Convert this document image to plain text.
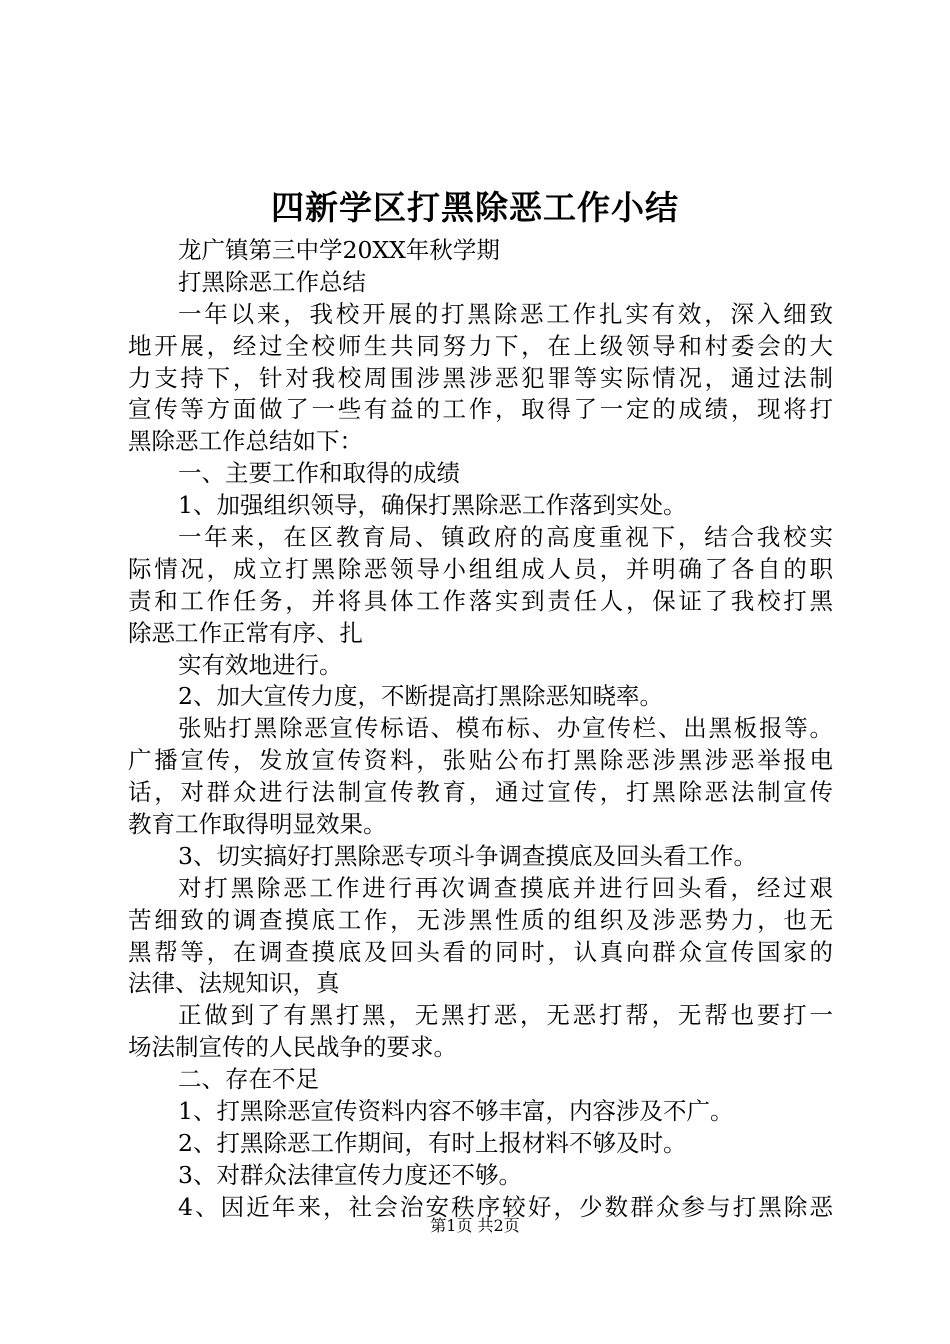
四新学区打黑除恶工作小结
龙广镇第三中学20XX年秋学期
打黑除恶工作总结
一年以来，我校开展的打黑除恶工作扎实有效，深入细致
地开展，经过全校师生共同努力下，在上级领导和村委会的大
力支持下，针对我校周围涉黑涉恶犯罪等实际情况，通过法制
宣传等方面做了一些有益的工作，取得了一定的成绩，现将打
黑除恶工作总结如下：
一、主要工作和取得的成绩
1、加强组织领导，确保打黑除恶工作落到实处。
一年来，在区教育局、镇政府的高度重视下，结合我校实
际情况，成立打黑除恶领导小组组成人员，并明确了各自的职
责和工作任务，并将具体工作落实到责任人，保证了我校打黑
除恶工作正常有序、扎
实有效地进行。
2、加大宣传力度，不断提高打黑除恶知晓率。
张贴打黑除恶宣传标语、模布标、办宣传栏、出黑板报等。
广播宣传，发放宣传资料，张贴公布打黑除恶涉黑涉恶举报电
话，对群众进行法制宣传教育，通过宣传，打黑除恶法制宣传
教育工作取得明显效果。
3、切实搞好打黑除恶专项斗争调查摸底及回头看工作。
对打黑除恶工作进行再次调查摸底并进行回头看，经过艰
苦细致的调查摸底工作，无涉黑性质的组织及涉恶势力，也无
黑帮等，在调查摸底及回头看的同时，认真向群众宣传国家的
法律、法规知识，真
正做到了有黑打黑，无黑打恶，无恶打帮，无帮也要打一
场法制宣传的人民战争的要求。
二、存在不足
1、打黑除恶宣传资料内容不够丰富，内容涉及不广。
2、打黑除恶工作期间，有时上报材料不够及时。
3、对群众法律宣传力度还不够。
4、因近年来，社会治安秩序较好，少数群众参与打黑除恶
第1页 共2页
